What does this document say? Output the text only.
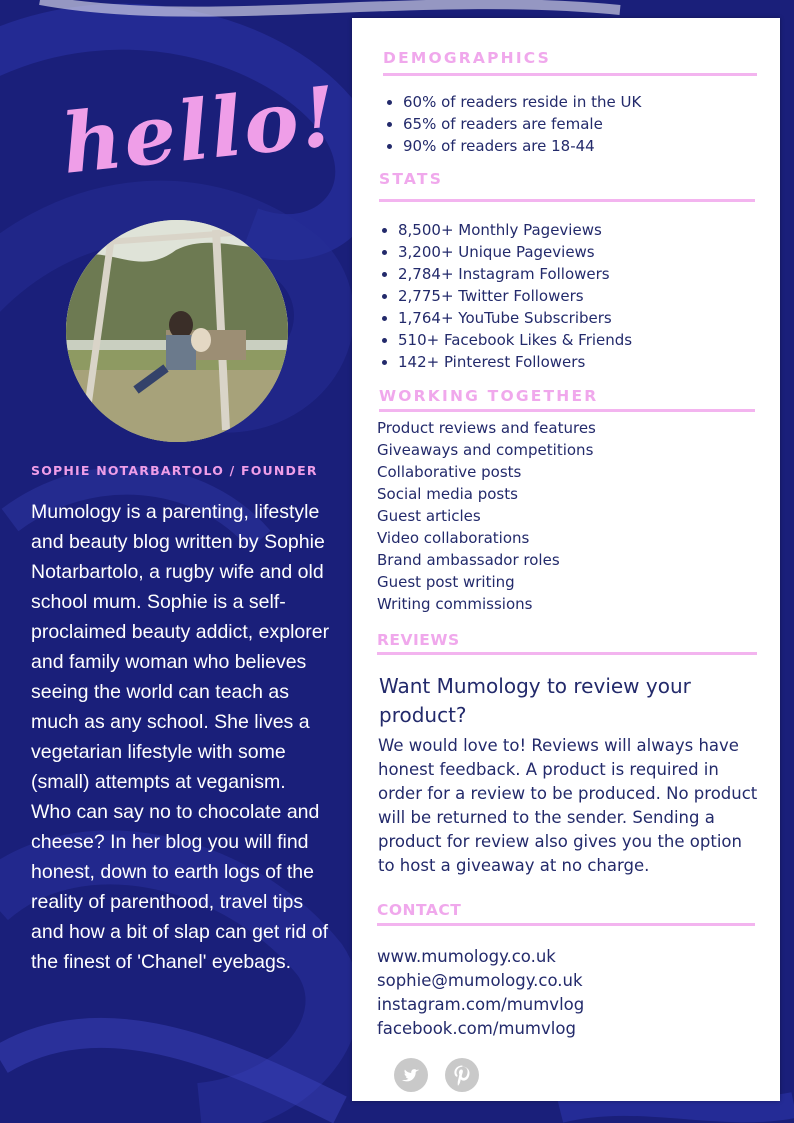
hello!
SOPHIE NOTARBARTOLO / FOUNDER
Mumology is a parenting, lifestyle and beauty blog written by Sophie Notarbartolo, a rugby wife and old school mum. Sophie is a self-proclaimed beauty addict, explorer and family woman who believes seeing the world can teach as much as any school. She lives a vegetarian lifestyle with some (small) attempts at veganism. Who can say no to chocolate and cheese? In her blog you will find honest, down to earth logs of the reality of parenthood, travel tips and how a bit of slap can get rid of the finest of 'Chanel' eyebags.
DEMOGRAPHICS
• 60% of readers reside in the UK
• 65% of readers are female
• 90% of readers are 18-44
STATS
• 8,500+ Monthly Pageviews
• 3,200+ Unique Pageviews
• 2,784+ Instagram Followers
• 2,775+ Twitter Followers
• 1,764+ YouTube Subscribers
• 510+ Facebook Likes & Friends
• 142+ Pinterest Followers
WORKING TOGETHER
Product reviews and features
Giveaways and competitions
Collaborative posts
Social media posts
Guest articles
Video collaborations
Brand ambassador roles
Guest post writing
Writing commissions
REVIEWS
Want Mumology to review your product?
We would love to! Reviews will always have honest feedback. A product is required in order for a review to be produced. No product will be returned to the sender. Sending a product for review also gives you the option to host a giveaway at no charge.
CONTACT
www.mumology.co.uk
sophie@mumology.co.uk
instagram.com/mumvlog
facebook.com/mumvlog
